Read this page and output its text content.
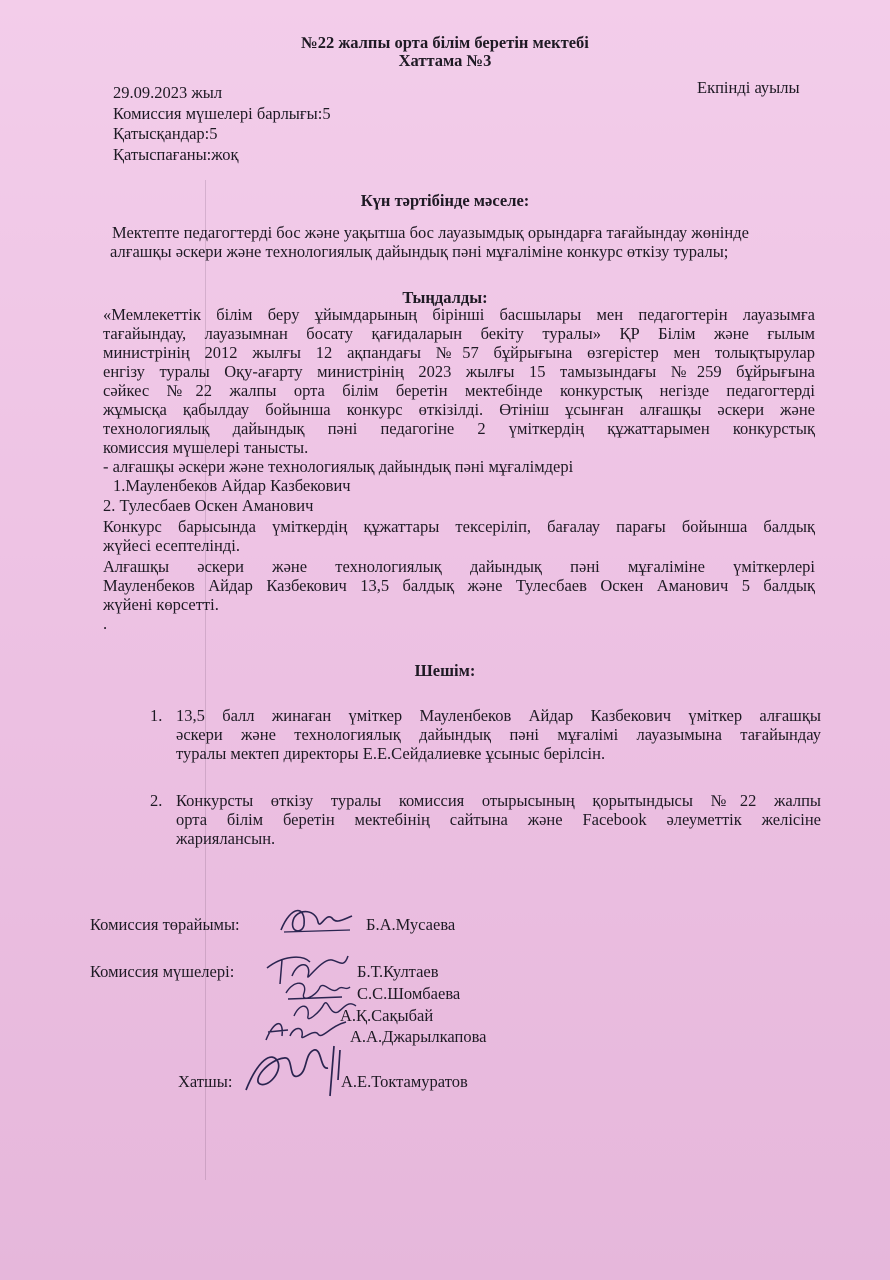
№22 жалпы орта білім беретін мектебі

Хаттама №3

29.09.2023 жыл	Екпінді ауылы

Комиссия мүшелері барлығы:5

Қатысқандар:5

Қатыспағаны:жоқ

Күн тәртібінде мәселе:

Мектепте педагогтерді бос және уақытша бос лауазымдық орындарға тағайындау жөнінде

алғашқы әскери және технологиялық дайындық пәні мұғаліміне конкурс өткізу туралы;

Тыңдалды:

«Мемлекеттік білім беру ұйымдарының бірінші басшылары мен педагогтерін лауазымға
тағайындау, лауазымнан босату қағидаларын бекіту туралы» ҚР Білім және ғылым
министрінің 2012 жылғы 12 ақпандағы №57 бұйрығына өзгерістер мен толықтырулар
енгізу туралы Оқу-ағарту министрінің 2023 жылғы 15 тамызындағы №259 бұйрығына
сәйкес №22 жалпы орта білім беретін мектебінде конкурстық негізде педагогтерді
жұмысқа қабылдау бойынша конкурс өткізілді. Өтініш ұсынған алғашқы әскери және
технологиялық дайындық пәні педагогіне 2 үміткердің құжаттарымен конкурстық
комиссия мүшелері танысты.
- алғашқы әскери және технологиялық дайындық пәні мұғалімдері
1.Мауленбеков Айдар Казбекович
2. Тулесбаев Оскен Аманович
Конкурс барысында үміткердің құжаттары тексеріліп, бағалау парағы бойынша балдық
жүйесі есептелінді.
Алғашқы әскери және технологиялық дайындық пәні мұғаліміне үміткерлері
Мауленбеков Айдар Казбекович 13,5 балдық және Тулесбаев Оскен Аманович 5 балдық
жүйені көрсетті.
.

Шешім:

1. 13,5 балл жинаған үміткер Мауленбеков Айдар Казбекович үміткер алғашқы
әскери және технологиялық дайындық пәні мұғалімі лауазымына тағайындау
туралы мектеп директоры Е.Е.Сейдалиевке ұсыныс берілсін.
2. Конкурсты өткізу туралы комиссия отырысының қорытындысы №22 жалпы
орта білім беретін мектебінің сайтына және Facebook әлеуметтік желісіне
жарияланcын.

Комиссия төрайымы:	Б.А.Мусаева

Комиссия мүшелері:	Б.Т.Култаев

С.С.Шомбаева

А.Қ.Сақыбай

А.А.Джарылкапова

Хатшы:	А.Е.Токтамуратов
